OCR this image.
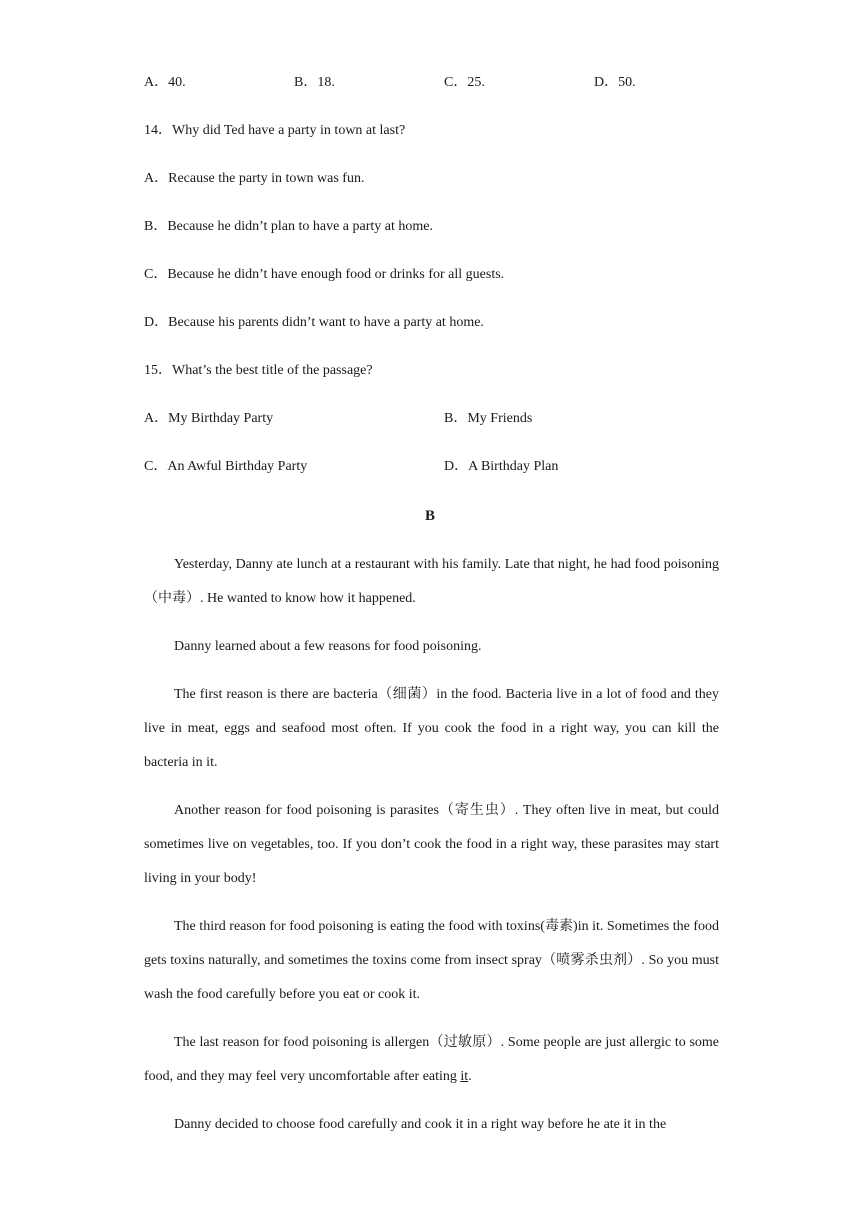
A．40.	B．18.	C．25.	D．50.
14．Why did Ted have a party in town at last?
A．Recause the party in town was fun.
B．Because he didn’t plan to have a party at home.
C．Because he didn’t have enough food or drinks for all guests.
D．Because his parents didn’t want to have a party at home.
15．What’s the best title of the passage?
A．My Birthday Party	B．My Friends
C．An Awful Birthday Party	D．A Birthday Plan
B
Yesterday, Danny ate lunch at a restaurant with his family. Late that night, he had food poisoning（中毒）. He wanted to know how it happened.
Danny learned about a few reasons for food poisoning.
The first reason is there are bacteria（细菌）in the food. Bacteria live in a lot of food and they live in meat, eggs and seafood most often. If you cook the food in a right way, you can kill the bacteria in it.
Another reason for food poisoning is parasites（寄生虫）. They often live in meat, but could sometimes live on vegetables, too. If you don’t cook the food in a right way, these parasites may start living in your body!
The third reason for food poisoning is eating the food with toxins(毒素)in it. Sometimes the food gets toxins naturally, and sometimes the toxins come from insect spray（喷雾杀虫剂）. So you must wash the food carefully before you eat or cook it.
The last reason for food poisoning is allergen（过敏原）. Some people are just allergic to some food, and they may feel very uncomfortable after eating it.
Danny decided to choose food carefully and cook it in a right way before he ate it in the
